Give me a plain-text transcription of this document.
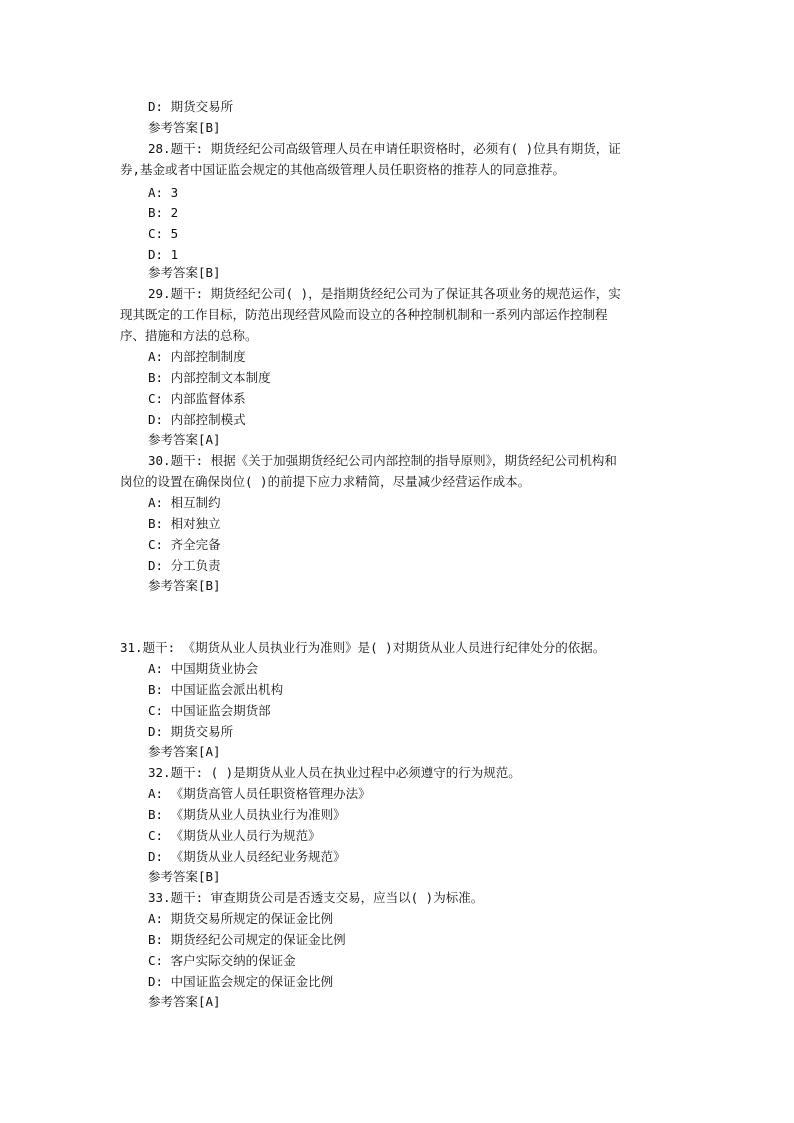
D: 期货交易所
参考答案[B]
28.题干: 期货经纪公司高级管理人员在申请任职资格时，必须有( )位具有期货，证
券,基金或者中国证监会规定的其他高级管理人员任职资格的推荐人的同意推荐。
A: 3
B: 2
C: 5
D: 1
参考答案[B]
29.题干: 期货经纪公司( )，是指期货经纪公司为了保证其各项业务的规范运作，实
现其既定的工作目标，防范出现经营风险而设立的各种控制机制和一系列内部运作控制程
序、措施和方法的总称。
A: 内部控制制度
B: 内部控制文本制度
C: 内部监督体系
D: 内部控制模式
参考答案[A]
30.题干: 根据《关于加强期货经纪公司内部控制的指导原则》，期货经纪公司机构和
岗位的设置在确保岗位( )的前提下应力求精简，尽量减少经营运作成本。
A: 相互制约
B: 相对独立
C: 齐全完备
D: 分工负责
参考答案[B]
31.题干: 《期货从业人员执业行为准则》是( )对期货从业人员进行纪律处分的依据。
A: 中国期货业协会
B: 中国证监会派出机构
C: 中国证监会期货部
D: 期货交易所
参考答案[A]
32.题干: ( )是期货从业人员在执业过程中必须遵守的行为规范。
A: 《期货高管人员任职资格管理办法》
B: 《期货从业人员执业行为准则》
C: 《期货从业人员行为规范》
D: 《期货从业人员经纪业务规范》
参考答案[B]
33.题干: 审查期货公司是否透支交易，应当以( )为标准。
A: 期货交易所规定的保证金比例
B: 期货经纪公司规定的保证金比例
C: 客户实际交纳的保证金
D: 中国证监会规定的保证金比例
参考答案[A]
